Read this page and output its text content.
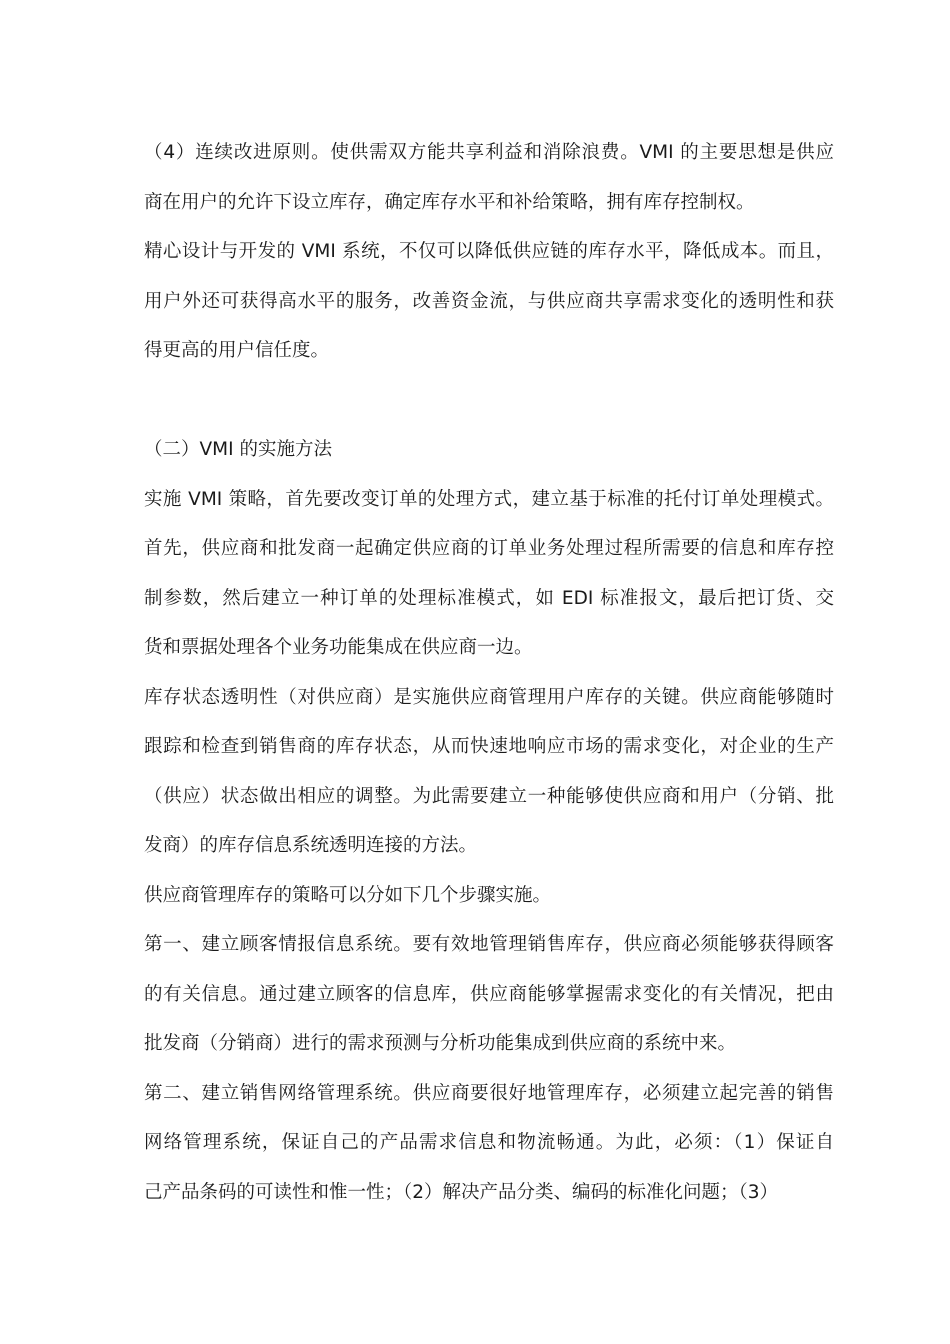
（4）连续改进原则。使供需双方能共享利益和消除浪费。VMI 的主要思想是供应
商在用户的允许下设立库存，确定库存水平和补给策略，拥有库存控制权。
精心设计与开发的 VMI 系统，不仅可以降低供应链的库存水平，降低成本。而且，
用户外还可获得高水平的服务，改善资金流，与供应商共享需求变化的透明性和获
得更高的用户信任度。
（二）VMI 的实施方法
实施 VMI 策略，首先要改变订单的处理方式，建立基于标准的托付订单处理模式。
首先，供应商和批发商一起确定供应商的订单业务处理过程所需要的信息和库存控
制参数，然后建立一种订单的处理标准模式，如 EDI 标准报文，最后把订货、交
货和票据处理各个业务功能集成在供应商一边。
库存状态透明性（对供应商）是实施供应商管理用户库存的关键。供应商能够随时
跟踪和检查到销售商的库存状态，从而快速地响应市场的需求变化，对企业的生产
（供应）状态做出相应的调整。为此需要建立一种能够使供应商和用户（分销、批
发商）的库存信息系统透明连接的方法。
供应商管理库存的策略可以分如下几个步骤实施。
第一、建立顾客情报信息系统。要有效地管理销售库存，供应商必须能够获得顾客
的有关信息。通过建立顾客的信息库，供应商能够掌握需求变化的有关情况，把由
批发商（分销商）进行的需求预测与分析功能集成到供应商的系统中来。
第二、建立销售网络管理系统。供应商要很好地管理库存，必须建立起完善的销售
网络管理系统，保证自己的产品需求信息和物流畅通。为此，必须：（1）保证自
己产品条码的可读性和惟一性；（2）解决产品分类、编码的标准化问题；（3）
